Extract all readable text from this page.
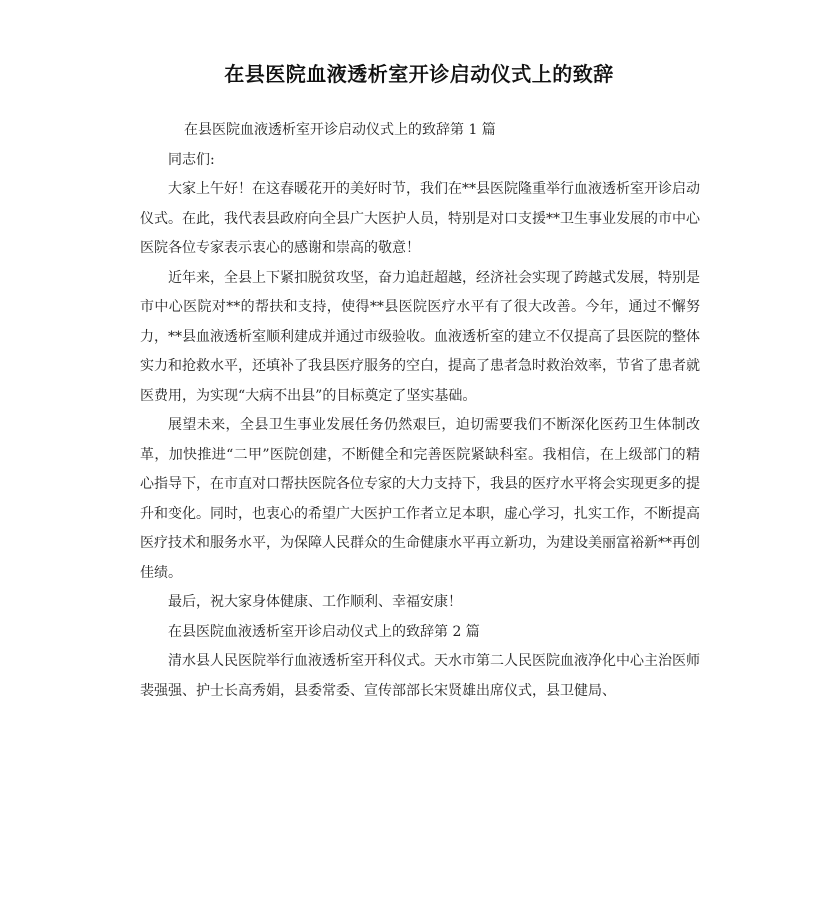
在县医院血液透析室开诊启动仪式上的致辞

在县医院血液透析室开诊启动仪式上的致辞第 1 篇

同志们:

大家上午好！在这春暖花开的美好时节，我们在**县医院隆重举行血液透析室开诊启动仪式。在此，我代表县政府向全县广大医护人员，特别是对口支援**卫生事业发展的市中心医院各位专家表示衷心的感谢和崇高的敬意！

近年来，全县上下紧扣脱贫攻坚，奋力追赶超越，经济社会实现了跨越式发展，特别是市中心医院对**的帮扶和支持，使得**县医院医疗水平有了很大改善。今年，通过不懈努力，**县血液透析室顺利建成并通过市级验收。血液透析室的建立不仅提高了县医院的整体实力和抢救水平，还填补了我县医疗服务的空白，提高了患者急时救治效率，节省了患者就医费用，为实现“大病不出县”的目标奠定了坚实基础。

展望未来，全县卫生事业发展任务仍然艰巨，迫切需要我们不断深化医药卫生体制改革，加快推进“二甲”医院创建，不断健全和完善医院紧缺科室。我相信，在上级部门的精心指导下，在市直对口帮扶医院各位专家的大力支持下，我县的医疗水平将会实现更多的提升和变化。同时，也衷心的希望广大医护工作者立足本职，虚心学习，扎实工作，不断提高医疗技术和服务水平，为保障人民群众的生命健康水平再立新功，为建设美丽富裕新**再创佳绩。

最后，祝大家身体健康、工作顺利、幸福安康！

在县医院血液透析室开诊启动仪式上的致辞第 2 篇

清水县人民医院举行血液透析室开科仪式。天水市第二人民医院血液净化中心主治医师裴强强、护士长高秀娟，县委常委、宣传部部长宋贤雄出席仪式，县卫健局、
